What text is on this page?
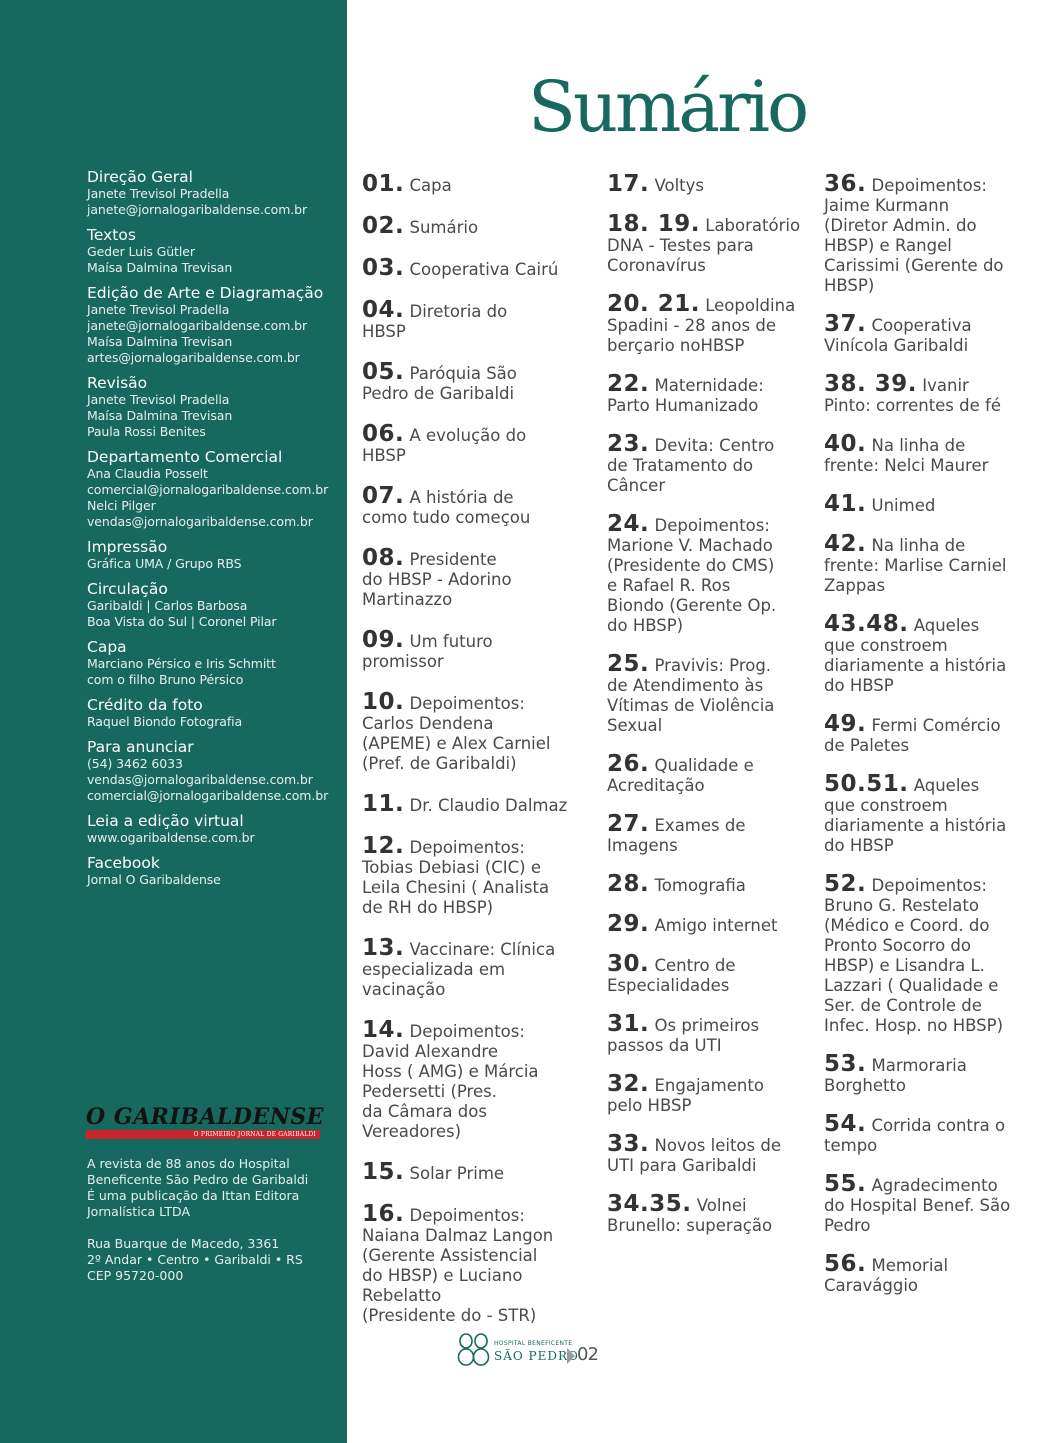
Direção Geral
Janete Trevisol Pradella
janete@jornalogaribaldense.com.br
Textos
Geder Luis Gütler
Maísa Dalmina Trevisan
Edição de Arte e Diagramação
Janete Trevisol Pradella
janete@jornalogaribaldense.com.br
Maísa Dalmina Trevisan
artes@jornalogaribaldense.com.br
Revisão
Janete Trevisol Pradella
Maísa Dalmina Trevisan
Paula Rossi Benites
Departamento Comercial
Ana Claudia Posselt
comercial@jornalogaribaldense.com.br
Nelci Pilger
vendas@jornalogaribaldense.com.br
Impressão
Gráfica UMA / Grupo RBS
Circulação
Garibaldi | Carlos Barbosa
Boa Vista do Sul | Coronel Pilar
Capa
Marciano Pérsico e Iris Schmitt
com o filho Bruno Pérsico
Crédito da foto
Raquel Biondo Fotografia
Para anunciar
(54) 3462 6033
vendas@jornalogaribaldense.com.br
comercial@jornalogaribaldense.com.br
Leia a edição virtual
www.ogaribaldense.com.br
Facebook
Jornal O Garibaldense
O GARIBALDENSE
O PRIMEIRO JORNAL DE GARIBALDI
A revista de 88 anos do Hospital
Beneficente São Pedro de Garibaldi
É uma publicação da Ittan Editora
Jornalística LTDA
Rua Buarque de Macedo, 3361
2º Andar • Centro • Garibaldi • RS
CEP 95720-000
Sumário
01. Capa
02. Sumário
03. Cooperativa Cairú
04. Diretoria do
HBSP
05. Paróquia São
Pedro de Garibaldi
06. A evolução do
HBSP
07. A história de
como tudo começou
08. Presidente
do HBSP - Adorino
Martinazzo
09. Um futuro
promissor
10. Depoimentos:
Carlos Dendena
(APEME) e Alex Carniel
(Pref. de Garibaldi)
11. Dr. Claudio Dalmaz
12. Depoimentos:
Tobias Debiasi (CIC) e
Leila Chesini ( Analista
de RH do HBSP)
13. Vaccinare: Clínica
especializada em
vacinação
14. Depoimentos:
David Alexandre
Hoss ( AMG) e Márcia
Pedersetti (Pres.
da Câmara dos
Vereadores)
15. Solar Prime
16. Depoimentos:
Naiana Dalmaz Langon
(Gerente Assistencial
do HBSP) e Luciano
Rebelatto
(Presidente do - STR)
17. Voltys
18. 19. Laboratório
DNA - Testes para
Coronavírus
20. 21. Leopoldina
Spadini - 28 anos de
berçario noHBSP
22. Maternidade:
Parto Humanizado
23. Devita: Centro
de Tratamento do
Câncer
24. Depoimentos:
Marione V. Machado
(Presidente do CMS)
e Rafael R. Ros
Biondo (Gerente Op.
do HBSP)
25. Pravivis: Prog.
de Atendimento às
Vítimas de Violência
Sexual
26. Qualidade e
Acreditação
27. Exames de
Imagens
28. Tomografia
29. Amigo internet
30. Centro de
Especialidades
31. Os primeiros
passos da UTI
32. Engajamento
pelo HBSP
33. Novos leitos de
UTI para Garibaldi
34.35. Volnei
Brunello: superação
36. Depoimentos:
Jaime Kurmann
(Diretor Admin. do
HBSP) e Rangel
Carissimi (Gerente do
HBSP)
37. Cooperativa
Vinícola Garibaldi
38. 39. Ivanir
Pinto: correntes de fé
40. Na linha de
frente: Nelci Maurer
41. Unimed
42. Na linha de
frente: Marlise Carniel
Zappas
43.48. Aqueles
que constroem
diariamente a história
do HBSP
49. Fermi Comércio
de Paletes
50.51. Aqueles
que constroem
diariamente a história
do HBSP
52. Depoimentos:
Bruno G. Restelato
(Médico e Coord. do
Pronto Socorro do
HBSP) e Lisandra L.
Lazzari ( Qualidade e
Ser. de Controle de
Infec. Hosp. no HBSP)
53. Marmoraria
Borghetto
54. Corrida contra o
tempo
55. Agradecimento
do Hospital Benef. São
Pedro
56. Memorial
Caravággio
HOSPITAL BENEFICENTE
SÃO PEDRO
02
